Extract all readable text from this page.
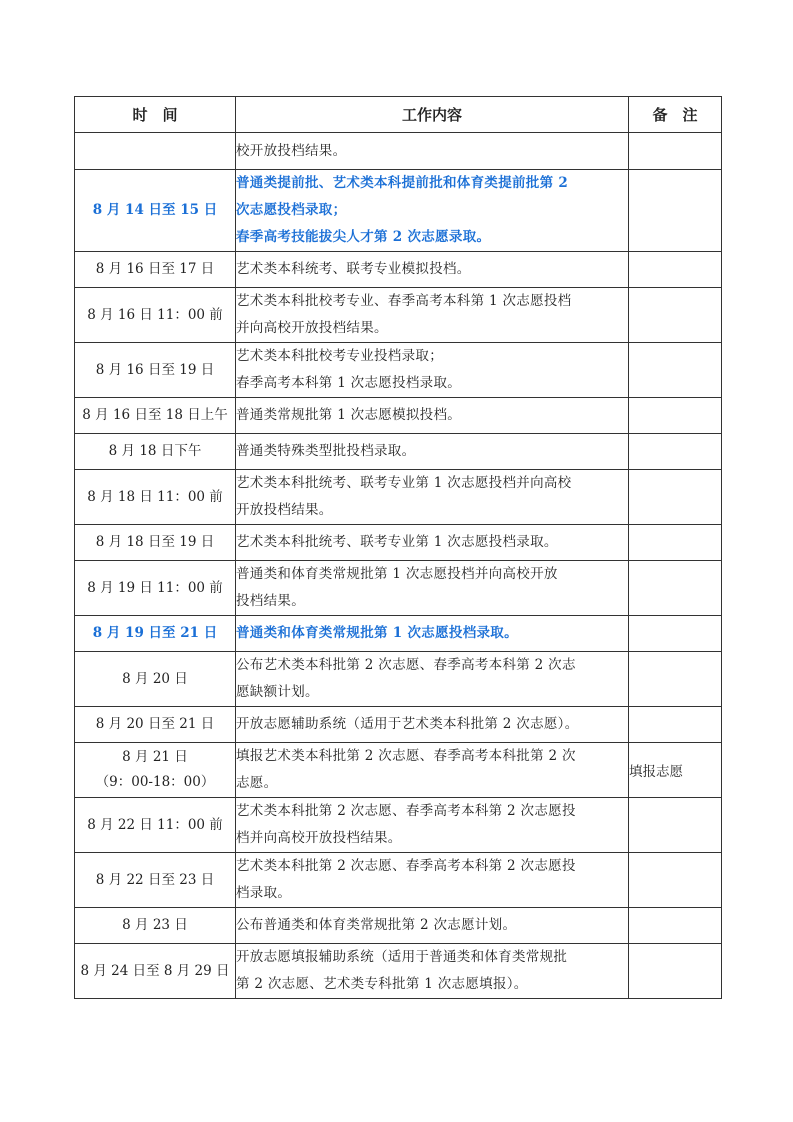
时　间	工作内容	备　注

	校开放投档结果。	

8 月 14 日至 15 日	普通类提前批、艺术类本科提前批和体育类提前批第 2
次志愿投档录取；
春季高考技能拔尖人才第 2 次志愿录取。	

8 月 16 日至 17 日	艺术类本科统考、联考专业模拟投档。	

8 月 16 日 11：00 前	艺术类本科批校考专业、春季高考本科第 1 次志愿投档
并向高校开放投档结果。	

8 月 16 日至 19 日	艺术类本科批校考专业投档录取；
春季高考本科第 1 次志愿投档录取。	

8 月 16 日至 18 日上午	普通类常规批第 1 次志愿模拟投档。	

8 月 18 日下午	普通类特殊类型批投档录取。	

8 月 18 日 11：00 前	艺术类本科批统考、联考专业第 1 次志愿投档并向高校
开放投档结果。	

8 月 18 日至 19 日	艺术类本科批统考、联考专业第 1 次志愿投档录取。	

8 月 19 日 11：00 前	普通类和体育类常规批第 1 次志愿投档并向高校开放
投档结果。	

8 月 19 日至 21 日	普通类和体育类常规批第 1 次志愿投档录取。	

8 月 20 日	公布艺术类本科批第 2 次志愿、春季高考本科第 2 次志
愿缺额计划。	

8 月 20 日至 21 日	开放志愿辅助系统（适用于艺术类本科批第 2 次志愿）。	

8 月 21 日
（9：00-18：00）	填报艺术类本科批第 2 次志愿、春季高考本科批第 2 次
志愿。	填报志愿

8 月 22 日 11：00 前	艺术类本科批第 2 次志愿、春季高考本科第 2 次志愿投
档并向高校开放投档结果。	

8 月 22 日至 23 日	艺术类本科批第 2 次志愿、春季高考本科第 2 次志愿投
档录取。	

8 月 23 日	公布普通类和体育类常规批第 2 次志愿计划。	

8 月 24 日至 8 月 29 日	开放志愿填报辅助系统（适用于普通类和体育类常规批
第 2 次志愿、艺术类专科批第 1 次志愿填报）。	
